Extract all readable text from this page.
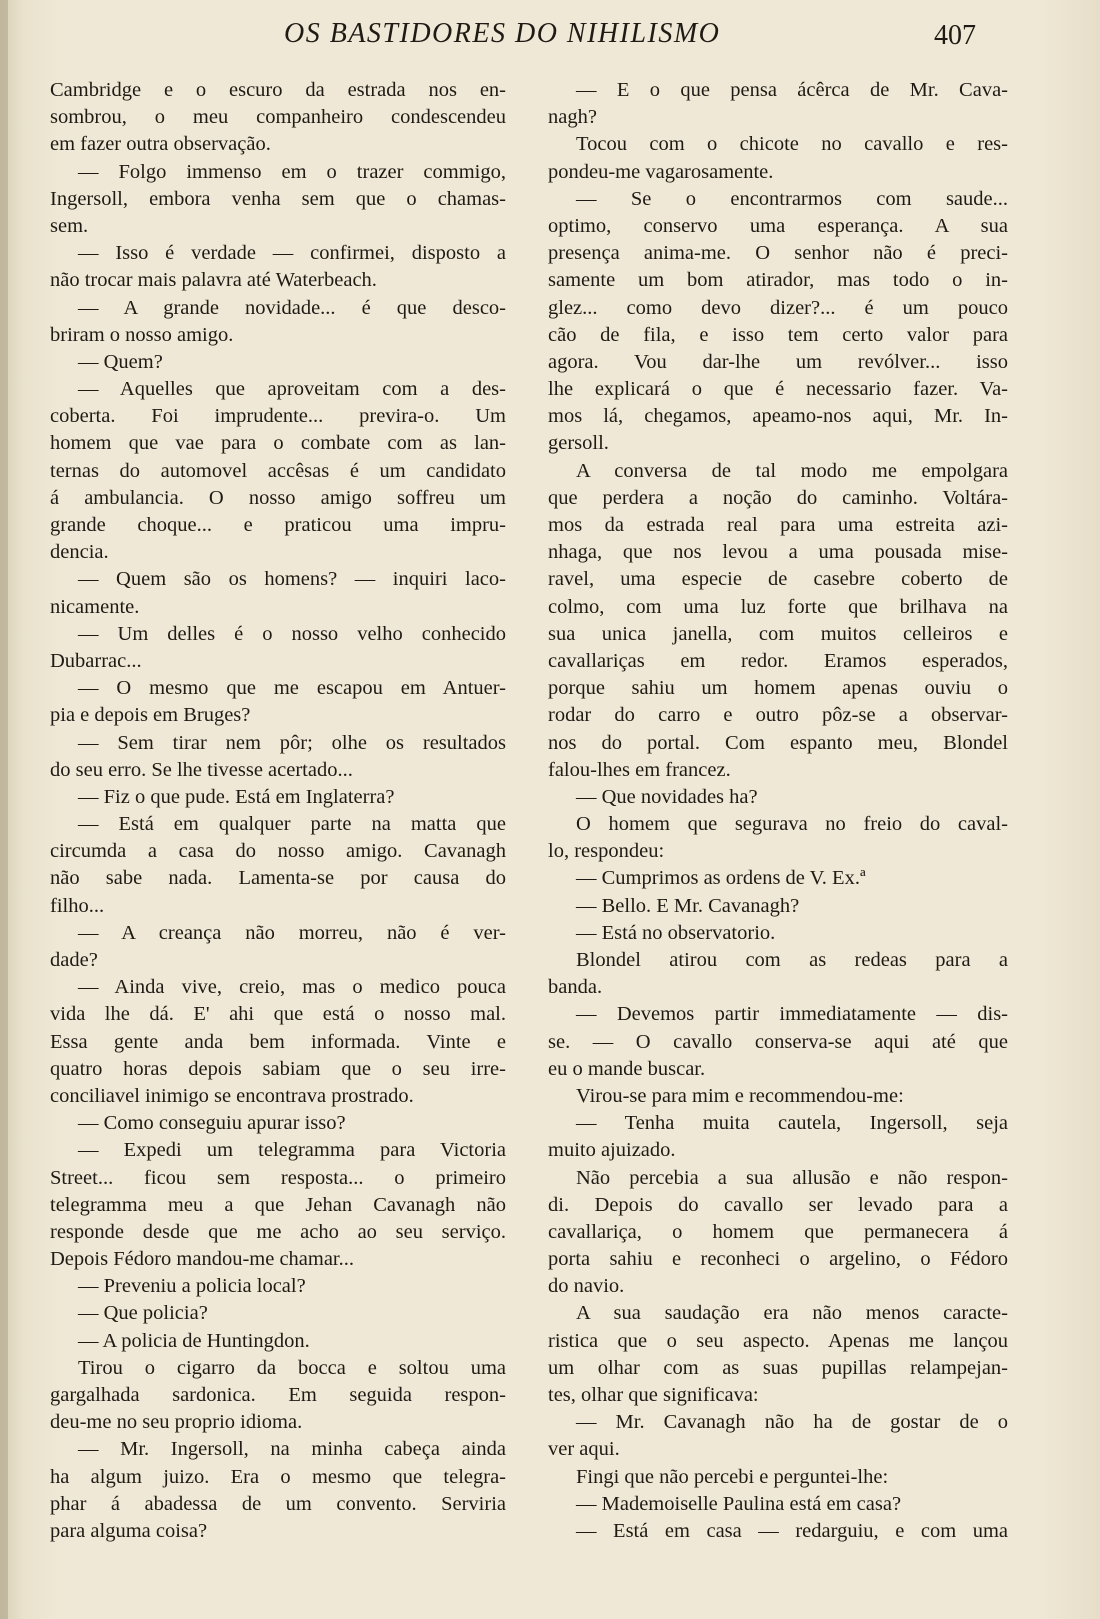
OS BASTIDORES DO NIHILISMO	407
Cambridge e o escuro da estrada nos en-
sombrou, o meu companheiro condescendeu
em fazer outra observação.
— Folgo immenso em o trazer commigo,
Ingersoll, embora venha sem que o chamas-
sem.
— Isso é verdade — confirmei, disposto a
não trocar mais palavra até Waterbeach.
— A grande novidade... é que desco-
briram o nosso amigo.
— Quem?
— Aquelles que aproveitam com a des-
coberta. Foi imprudente... previra-o. Um
homem que vae para o combate com as lan-
ternas do automovel accêsas é um candidato
á ambulancia. O nosso amigo soffreu um
grande choque... e praticou uma impru-
dencia.
— Quem são os homens? — inquiri laco-
nicamente.
— Um delles é o nosso velho conhecido
Dubarrac...
— O mesmo que me escapou em Antuer-
pia e depois em Bruges?
— Sem tirar nem pôr; olhe os resultados
do seu erro. Se lhe tivesse acertado...
— Fiz o que pude. Está em Inglaterra?
— Está em qualquer parte na matta que
circumda a casa do nosso amigo. Cavanagh
não sabe nada. Lamenta-se por causa do
filho...
— A creança não morreu, não é ver-
dade?
— Ainda vive, creio, mas o medico pouca
vida lhe dá. E' ahi que está o nosso mal.
Essa gente anda bem informada. Vinte e
quatro horas depois sabiam que o seu irre-
conciliavel inimigo se encontrava prostrado.
— Como conseguiu apurar isso?
— Expedi um telegramma para Victoria
Street... ficou sem resposta... o primeiro
telegramma meu a que Jehan Cavanagh não
responde desde que me acho ao seu serviço.
Depois Fédoro mandou-me chamar...
— Preveniu a policia local?
— Que policia?
— A policia de Huntingdon.
Tirou o cigarro da bocca e soltou uma
gargalhada sardonica. Em seguida respon-
deu-me no seu proprio idioma.
— Mr. Ingersoll, na minha cabeça ainda
ha algum juizo. Era o mesmo que telegra-
phar á abadessa de um convento. Serviria
para alguma coisa?
— E o que pensa ácêrca de Mr. Cava-
nagh?
Tocou com o chicote no cavallo e res-
pondeu-me vagarosamente.
— Se o encontrarmos com saude...
optimo, conservo uma esperança. A sua
presença anima-me. O senhor não é preci-
samente um bom atirador, mas todo o in-
glez... como devo dizer?... é um pouco
cão de fila, e isso tem certo valor para
agora. Vou dar-lhe um revólver... isso
lhe explicará o que é necessario fazer. Va-
mos lá, chegamos, apeamo-nos aqui, Mr. In-
gersoll.
A conversa de tal modo me empolgara
que perdera a noção do caminho. Voltára-
mos da estrada real para uma estreita azi-
nhaga, que nos levou a uma pousada mise-
ravel, uma especie de casebre coberto de
colmo, com uma luz forte que brilhava na
sua unica janella, com muitos celleiros e
cavallariças em redor. Eramos esperados,
porque sahiu um homem apenas ouviu o
rodar do carro e outro pôz-se a observar-
nos do portal. Com espanto meu, Blondel
falou-lhes em francez.
— Que novidades ha?
O homem que segurava no freio do caval-
lo, respondeu:
— Cumprimos as ordens de V. Ex.ª
— Bello. E Mr. Cavanagh?
— Está no observatorio.
Blondel atirou com as redeas para a
banda.
— Devemos partir immediatamente — dis-
se. — O cavallo conserva-se aqui até que
eu o mande buscar.
Virou-se para mim e recommendou-me:
— Tenha muita cautela, Ingersoll, seja
muito ajuizado.
Não percebia a sua allusão e não respon-
di. Depois do cavallo ser levado para a
cavallariça, o homem que permanecera á
porta sahiu e reconheci o argelino, o Fédoro
do navio.
A sua saudação era não menos caracte-
ristica que o seu aspecto. Apenas me lançou
um olhar com as suas pupillas relampejan-
tes, olhar que significava:
— Mr. Cavanagh não ha de gostar de o
ver aqui.
Fingi que não percebi e perguntei-lhe:
— Mademoiselle Paulina está em casa?
— Está em casa — redarguiu, e com uma
